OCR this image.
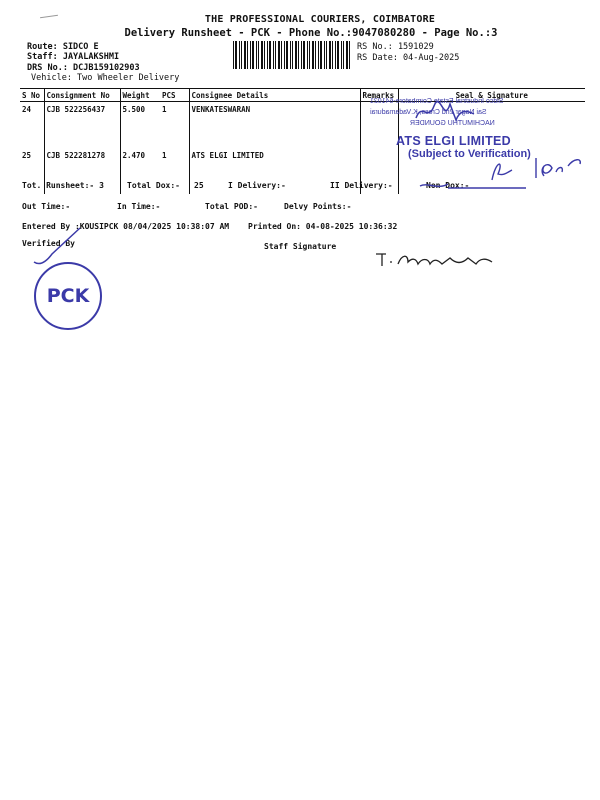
THE PROFESSIONAL COURIERS, COIMBATORE
Delivery Runsheet - PCK - Phone No.:9047080280 - Page No.:3
Route: SIDCO E
Staff: JAYALAKSHMI
DRS No.: DCJB159102903
Vehicle: Two Wheeler Delivery
RS No.: 1591029
RS Date: 04-Aug-2025
S No	Consignment No	Weight	PCS	Consignee Details	Remarks	Seal & Signature
24	CJB 522256437	5.500	1	VENKATESWARAN		
25	CJB 522281278	2.470	1	ATS ELGI LIMITED		
Sidco Industrial Estate Coimbatore-641021
Sai Nagar 2nd Cross, K.Vadamadurai
NACHIMUTHU GOUNDER
ATS ELGI LIMITED
(Subject to Verification)
Tot. Runsheet:- 3	Total Dox:- 25	I Delivery:-	II Delivery:-	Non Dox:-
Out Time:-	In Time:-	Total POD:-	Delvy Points:-
Entered By :KOUSIPCK 08/04/2025 10:38:07 AM Printed On: 04-08-2025 10:36:32
Verified By	Staff Signature
PCK
